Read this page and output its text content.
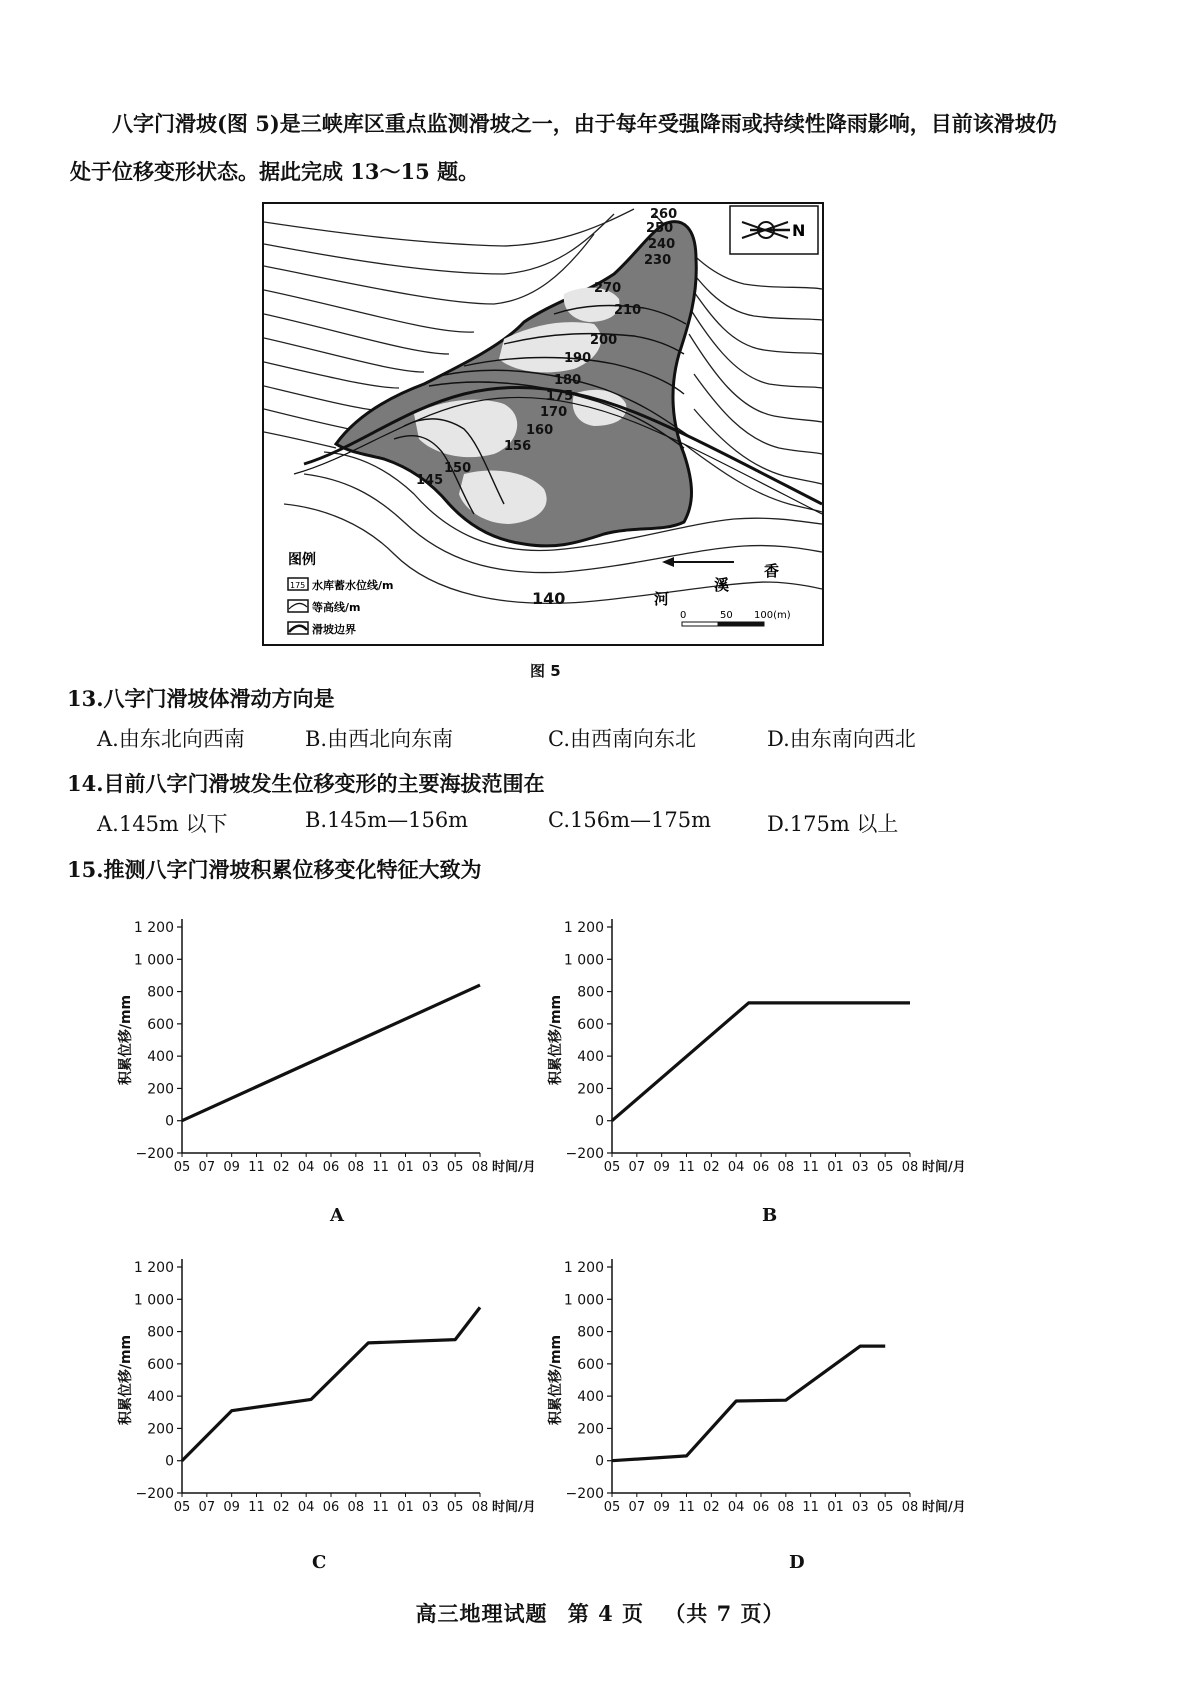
八字门滑坡(图 5)是三峡库区重点监测滑坡之一，由于每年受强降雨或持续性降雨影响，目前该滑坡仍处于位移变形状态。据此完成 13～15 题。
260
250
240
230
270
210
200
190
180
175
170
160
156
150
145
140
N
图例
175 水库蓄水位线/m
等高线/m
滑坡边界
河
溪
香
0	50 100(m)
图 5
13.八字门滑坡体滑动方向是
A.由东北向西南	B.由西北向东南	C.由西南向东北	D.由东南向西北
14.目前八字门滑坡发生位移变形的主要海拔范围在
A.145m 以下	B.145m—156m	C.156m—175m	D.175m 以上
15.推测八字门滑坡积累位移变化特征大致为
1 200
1 000
800
600
400
200
0
−200
05 07 09 11 02 04 06 08 11 01 03 05 08 时间/月
积累位移/mm
1 200
1 000
800
600
400
200
0
−200
05 07 09 11 02 04 06 08 11 01 03 05 08 时间/月
积累位移/mm
1 200
1 000
800
600
400
200
0
−200
05 07 09 11 02 04 06 08 11 01 03 05 08 时间/月
积累位移/mm
1 200
1 000
800
600
400
200
0
−200
05 07 09 11 02 04 06 08 11 01 03 05 08 时间/月
积累位移/mm
A	B
C	D
高三地理试题 第 4 页 （共 7 页）
